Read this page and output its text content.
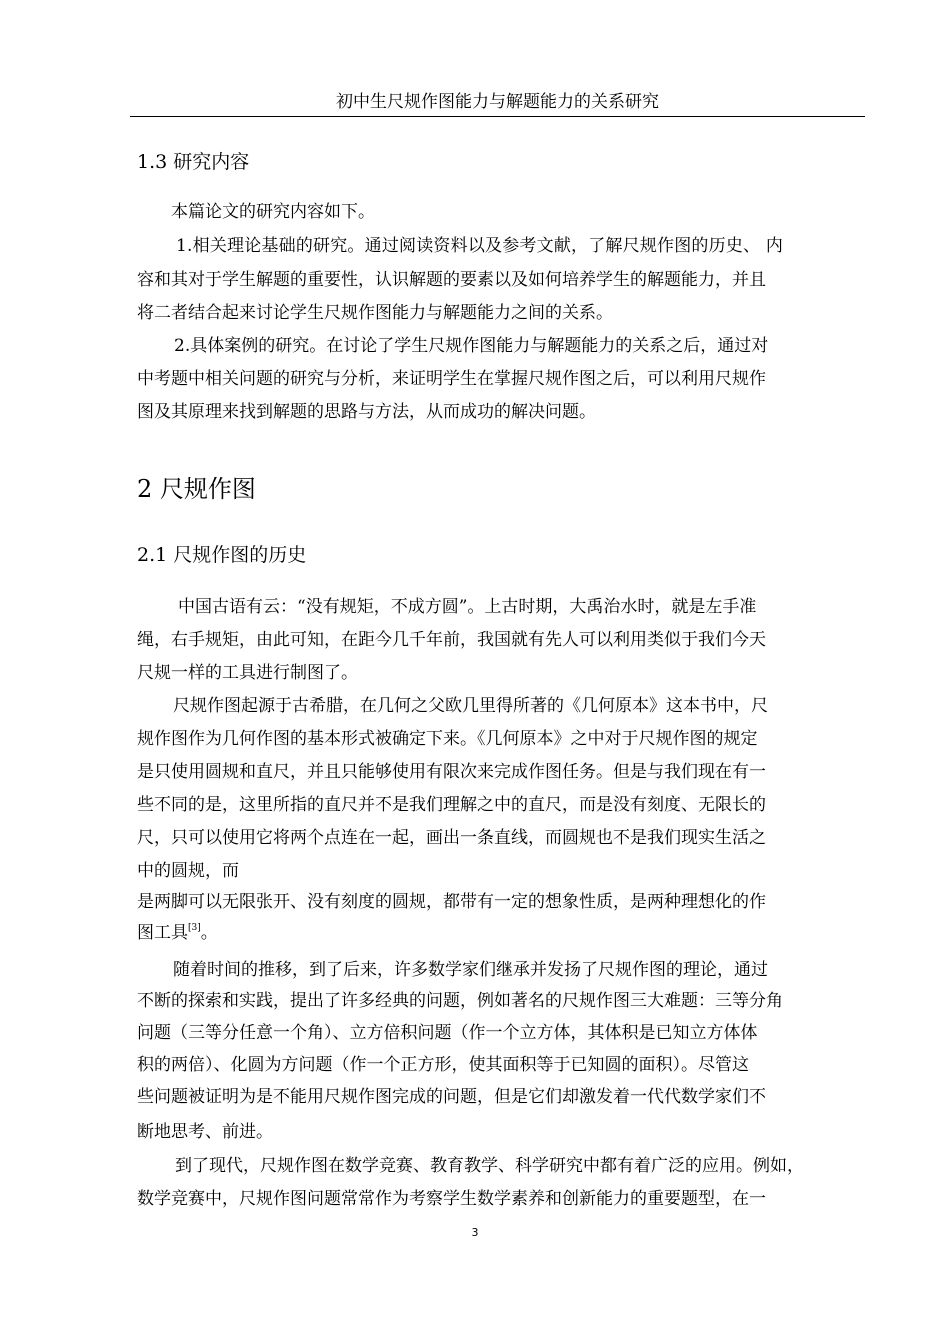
初中生尺规作图能力与解题能力的关系研究
1.3 研究内容
本篇论文的研究内容如下。
1.相关理论基础的研究。通过阅读资料以及参考文献，了解尺规作图的历史、 内
容和其对于学生解题的重要性，认识解题的要素以及如何培养学生的解题能力，并且
将二者结合起来讨论学生尺规作图能力与解题能力之间的关系。
2.具体案例的研究。在讨论了学生尺规作图能力与解题能力的关系之后，通过对
中考题中相关问题的研究与分析，来证明学生在掌握尺规作图之后，可以利用尺规作
图及其原理来找到解题的思路与方法，从而成功的解决问题。
2 尺规作图
2.1 尺规作图的历史
中国古语有云：“没有规矩，不成方圆”。上古时期，大禹治水时，就是左手准
绳，右手规矩，由此可知，在距今几千年前，我国就有先人可以利用类似于我们今天
尺规一样的工具进行制图了。
尺规作图起源于古希腊，在几何之父欧几里得所著的《几何原本》这本书中，尺
规作图作为几何作图的基本形式被确定下来。《几何原本》之中对于尺规作图的规定
是只使用圆规和直尺，并且只能够使用有限次来完成作图任务。但是与我们现在有一
些不同的是，这里所指的直尺并不是我们理解之中的直尺，而是没有刻度、无限长的
尺，只可以使用它将两个点连在一起，画出一条直线，而圆规也不是我们现实生活之
中的圆规，而
是两脚可以无限张开、没有刻度的圆规，都带有一定的想象性质，是两种理想化的作
图工具[3]。
随着时间的推移，到了后来，许多数学家们继承并发扬了尺规作图的理论，通过
不断的探索和实践，提出了许多经典的问题，例如著名的尺规作图三大难题：三等分角
问题（三等分任意一个角）、立方倍积问题（作一个立方体，其体积是已知立方体体
积的两倍）、化圆为方问题（作一个正方形，使其面积等于已知圆的面积）。尽管这
些问题被证明为是不能用尺规作图完成的问题，但是它们却激发着一代代数学家们不
断地思考、前进。
到了现代，尺规作图在数学竞赛、教育教学、科学研究中都有着广泛的应用。例如，
数学竞赛中，尺规作图问题常常作为考察学生数学素养和创新能力的重要题型，在一
3
